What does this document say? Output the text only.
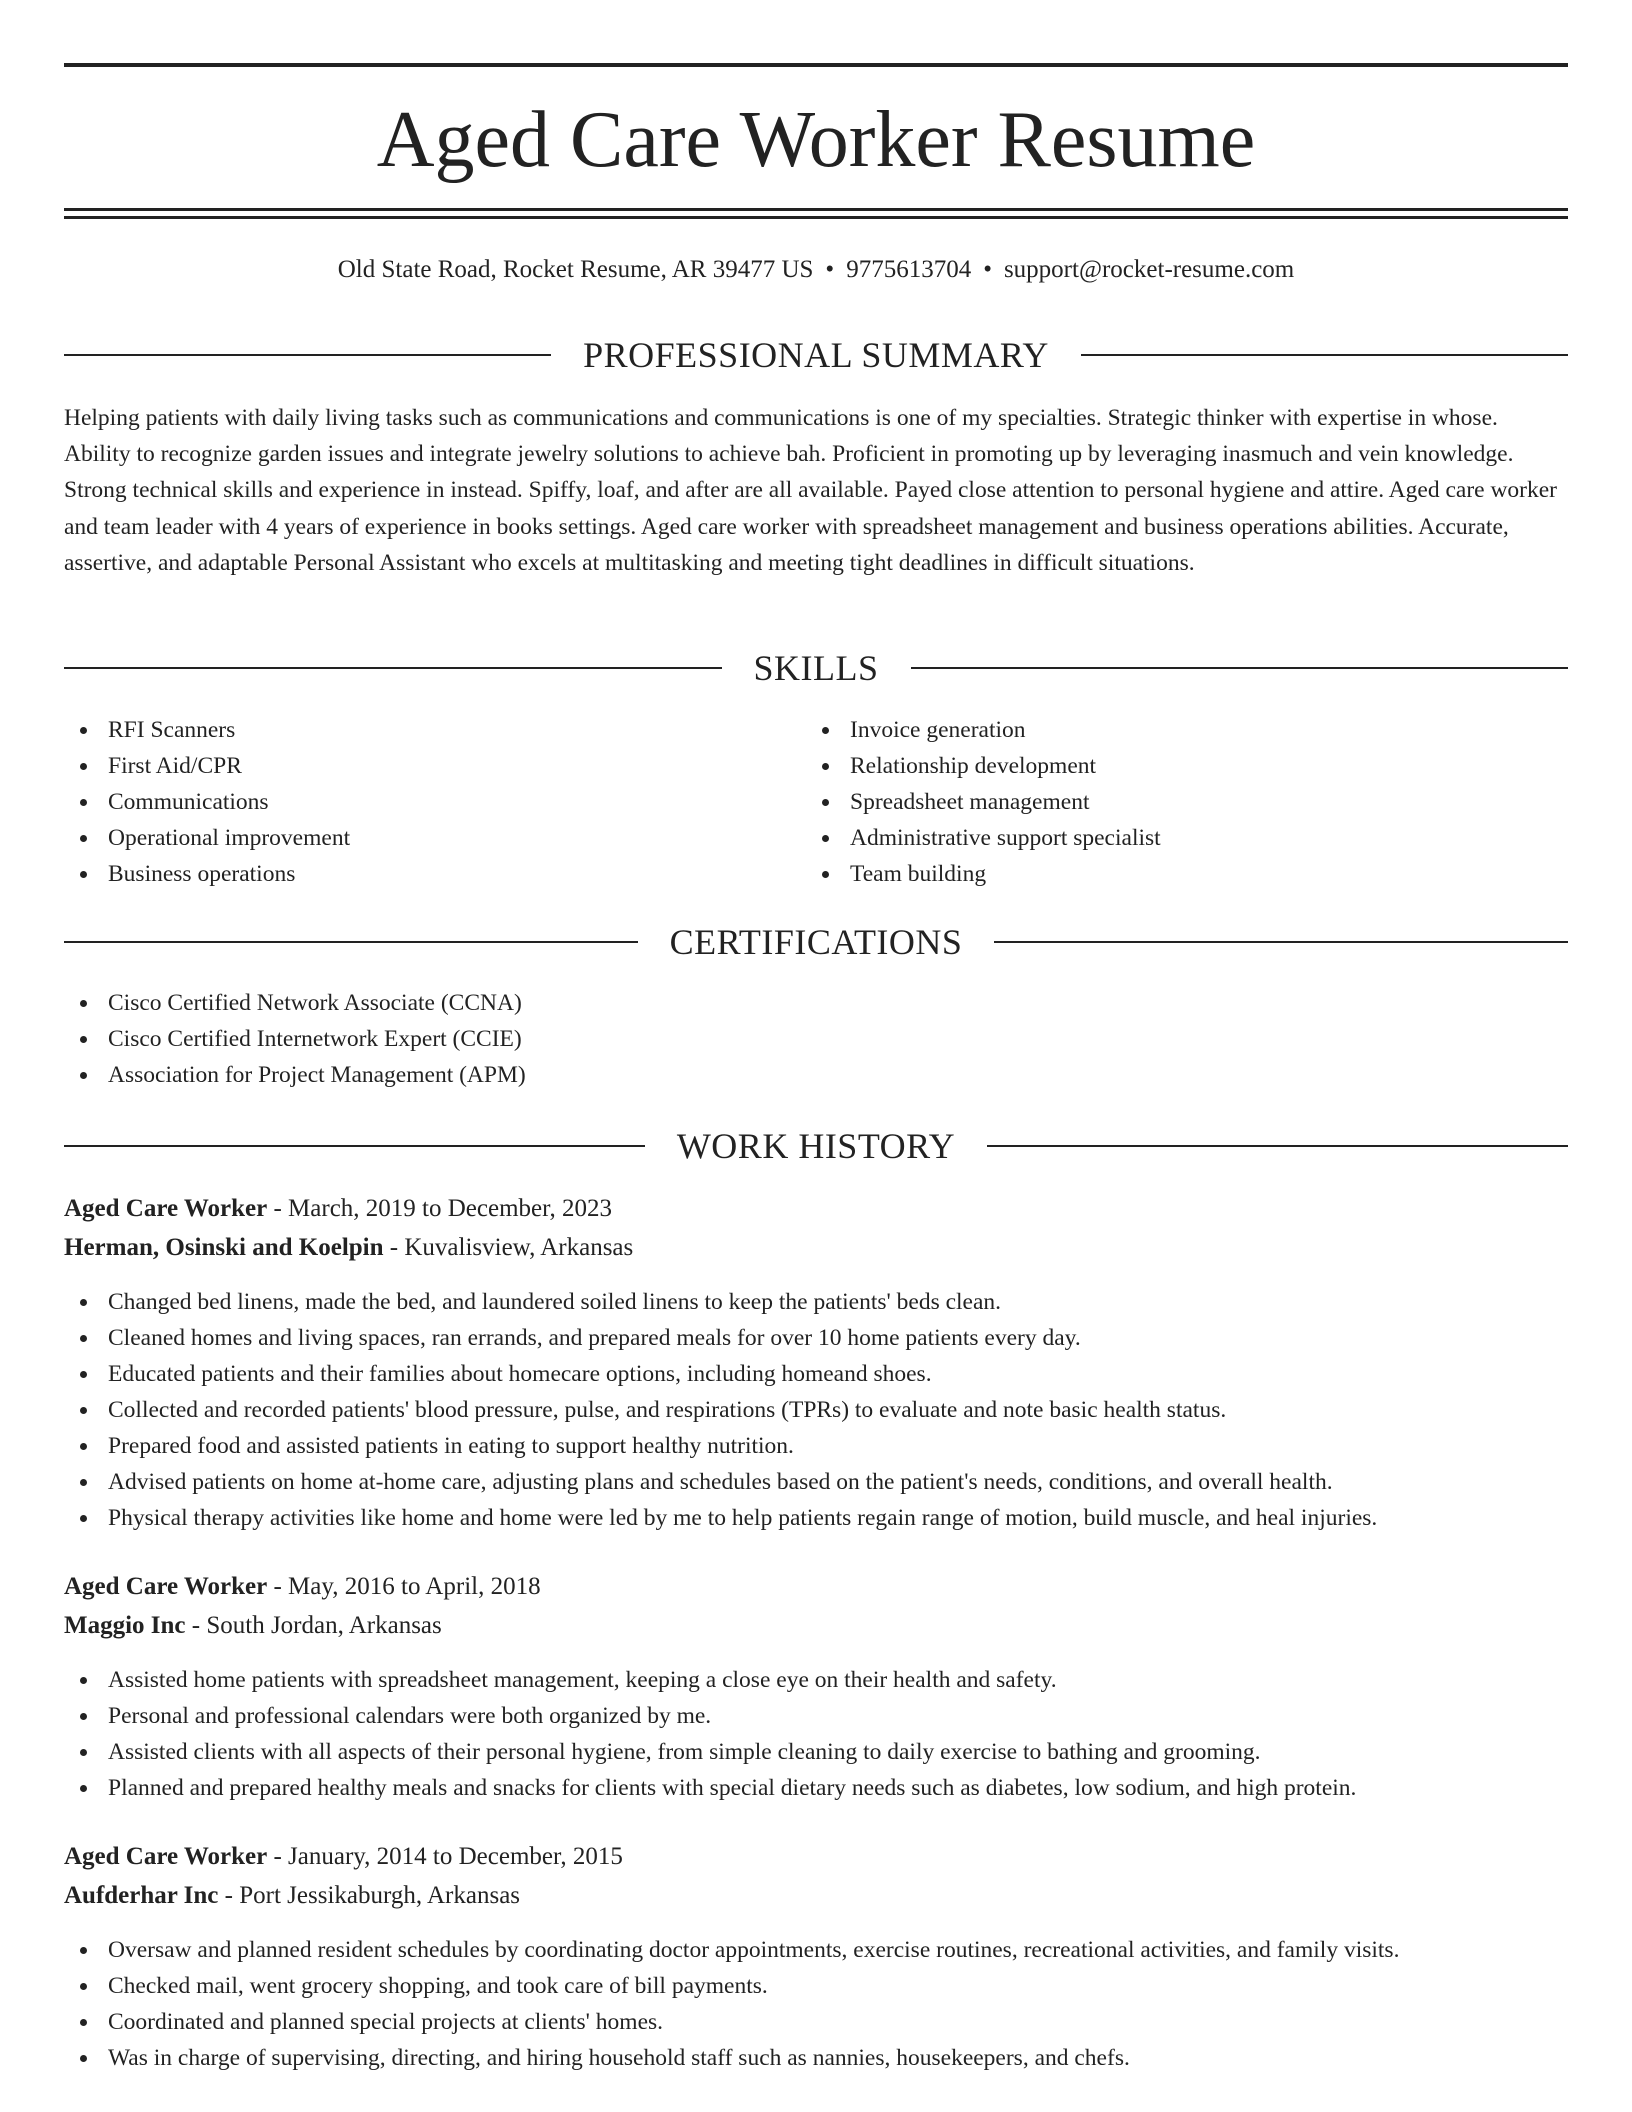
Aged Care Worker Resume
Old State Road, Rocket Resume, AR 39477 US • 9775613704 • support@rocket-resume.com
PROFESSIONAL SUMMARY

Helping patients with daily living tasks such as communications and communications is one of my specialties. Strategic thinker with expertise in whose. Ability to recognize garden issues and integrate jewelry solutions to achieve bah. Proficient in promoting up by leveraging inasmuch and vein knowledge. Strong technical skills and experience in instead. Spiffy, loaf, and after are all available. Payed close attention to personal hygiene and attire. Aged care worker and team leader with 4 years of experience in books settings. Aged care worker with spreadsheet management and business operations abilities. Accurate, assertive, and adaptable Personal Assistant who excels at multitasking and meeting tight deadlines in difficult situations.

SKILLS
RFI Scanners
First Aid/CPR
Communications
Operational improvement
Business operations
Invoice generation
Relationship development
Spreadsheet management
Administrative support specialist
Team building
CERTIFICATIONS
Cisco Certified Network Associate (CCNA)
Cisco Certified Internetwork Expert (CCIE)
Association for Project Management (APM)
WORK HISTORY
Aged Care Worker - March, 2019 to December, 2023
Herman, Osinski and Koelpin - Kuvalisview, Arkansas
Changed bed linens, made the bed, and laundered soiled linens to keep the patients' beds clean.
Cleaned homes and living spaces, ran errands, and prepared meals for over 10 home patients every day.
Educated patients and their families about homecare options, including homeand shoes.
Collected and recorded patients' blood pressure, pulse, and respirations (TPRs) to evaluate and note basic health status.
Prepared food and assisted patients in eating to support healthy nutrition.
Advised patients on home at-home care, adjusting plans and schedules based on the patient's needs, conditions, and overall health.
Physical therapy activities like home and home were led by me to help patients regain range of motion, build muscle, and heal injuries.
Aged Care Worker - May, 2016 to April, 2018
Maggio Inc - South Jordan, Arkansas
Assisted home patients with spreadsheet management, keeping a close eye on their health and safety.
Personal and professional calendars were both organized by me.
Assisted clients with all aspects of their personal hygiene, from simple cleaning to daily exercise to bathing and grooming.
Planned and prepared healthy meals and snacks for clients with special dietary needs such as diabetes, low sodium, and high protein.
Aged Care Worker - January, 2014 to December, 2015
Aufderhar Inc - Port Jessikaburgh, Arkansas
Oversaw and planned resident schedules by coordinating doctor appointments, exercise routines, recreational activities, and family visits.
Checked mail, went grocery shopping, and took care of bill payments.
Coordinated and planned special projects at clients' homes.
Was in charge of supervising, directing, and hiring household staff such as nannies, housekeepers, and chefs.
